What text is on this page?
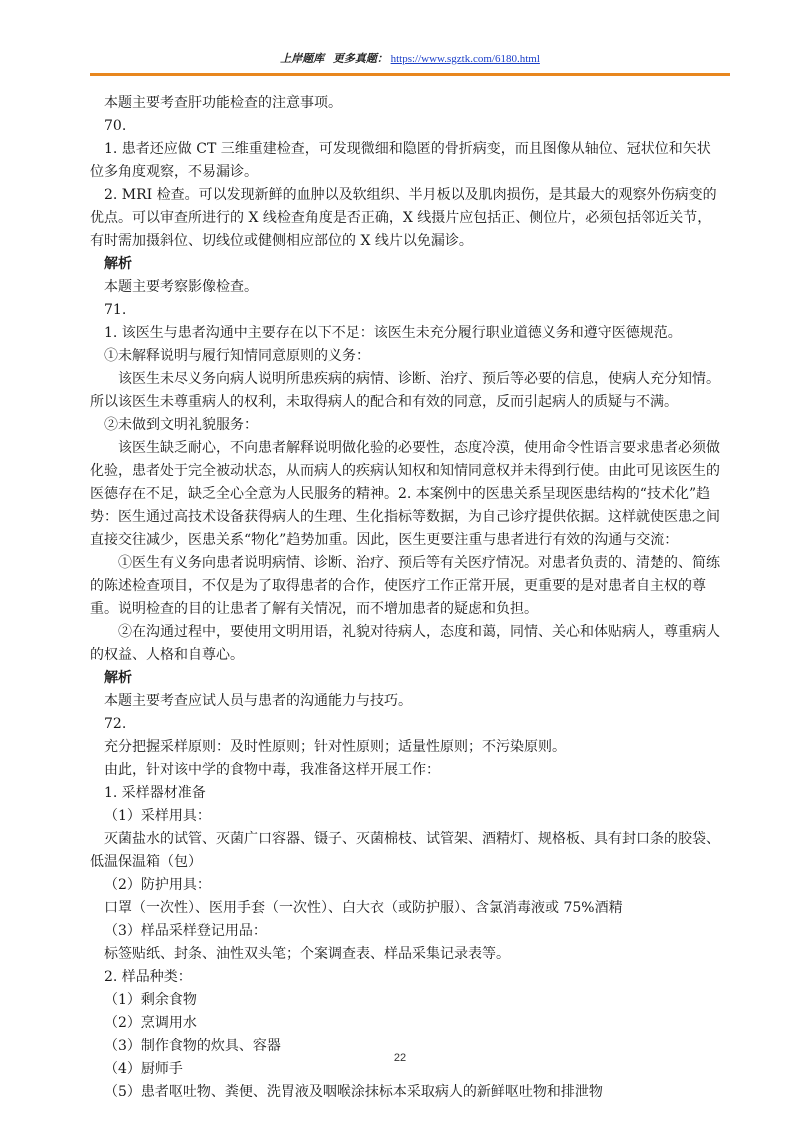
上岸题库 更多真题： https://www.sgztk.com/6180.html

本题主要考查肝功能检查的注意事项。

70.

1. 患者还应做 CT 三维重建检查，可发现微细和隐匿的骨折病变，而且图像从轴位、冠状位和矢状位多角度观察，不易漏诊。

2. MRI 检查。可以发现新鲜的血肿以及软组织、半月板以及肌肉损伤，是其最大的观察外伤病变的优点。可以审查所进行的 X 线检查角度是否正确，X 线摄片应包括正、侧位片，必须包括邻近关节，有时需加摄斜位、切线位或健侧相应部位的 X 线片以免漏诊。

解析

本题主要考察影像检查。

71.

1. 该医生与患者沟通中主要存在以下不足：该医生未充分履行职业道德义务和遵守医德规范。

①未解释说明与履行知情同意原则的义务：

该医生未尽义务向病人说明所患疾病的病情、诊断、治疗、预后等必要的信息，使病人充分知情。所以该医生未尊重病人的权利，未取得病人的配合和有效的同意，反而引起病人的质疑与不满。

②未做到文明礼貌服务：

该医生缺乏耐心，不向患者解释说明做化验的必要性，态度冷漠，使用命令性语言要求患者必须做化验，患者处于完全被动状态，从而病人的疾病认知权和知情同意权并未得到行使。由此可见该医生的医德存在不足，缺乏全心全意为人民服务的精神。2. 本案例中的医患关系呈现医患结构的“技术化”趋势：医生通过高技术设备获得病人的生理、生化指标等数据，为自己诊疗提供依据。这样就使医患之间直接交往减少，医患关系“物化”趋势加重。因此，医生更要注重与患者进行有效的沟通与交流：

①医生有义务向患者说明病情、诊断、治疗、预后等有关医疗情况。对患者负责的、清楚的、简练的陈述检查项目，不仅是为了取得患者的合作，使医疗工作正常开展，更重要的是对患者自主权的尊重。说明检查的目的让患者了解有关情况，而不增加患者的疑虑和负担。

②在沟通过程中，要使用文明用语，礼貌对待病人，态度和蔼，同情、关心和体贴病人，尊重病人的权益、人格和自尊心。

解析

本题主要考查应试人员与患者的沟通能力与技巧。

72.

充分把握采样原则：及时性原则；针对性原则；适量性原则；不污染原则。

由此，针对该中学的食物中毒，我准备这样开展工作：

1. 采样器材准备

（1）采样用具：

灭菌盐水的试管、灭菌广口容器、镊子、灭菌棉枝、试管架、酒精灯、规格板、具有封口条的胶袋、低温保温箱（包）

（2）防护用具：

口罩（一次性）、医用手套（一次性）、白大衣（或防护服）、含氯消毒液或 75%酒精

（3）样品采样登记用品：

标签贴纸、封条、油性双头笔；个案调查表、样品采集记录表等。

2. 样品种类：

（1）剩余食物

（2）烹调用水

（3）制作食物的炊具、容器

（4）厨师手

（5）患者呕吐物、粪便、洗胃液及咽喉涂抹标本采取病人的新鲜呕吐物和排泄物

22
